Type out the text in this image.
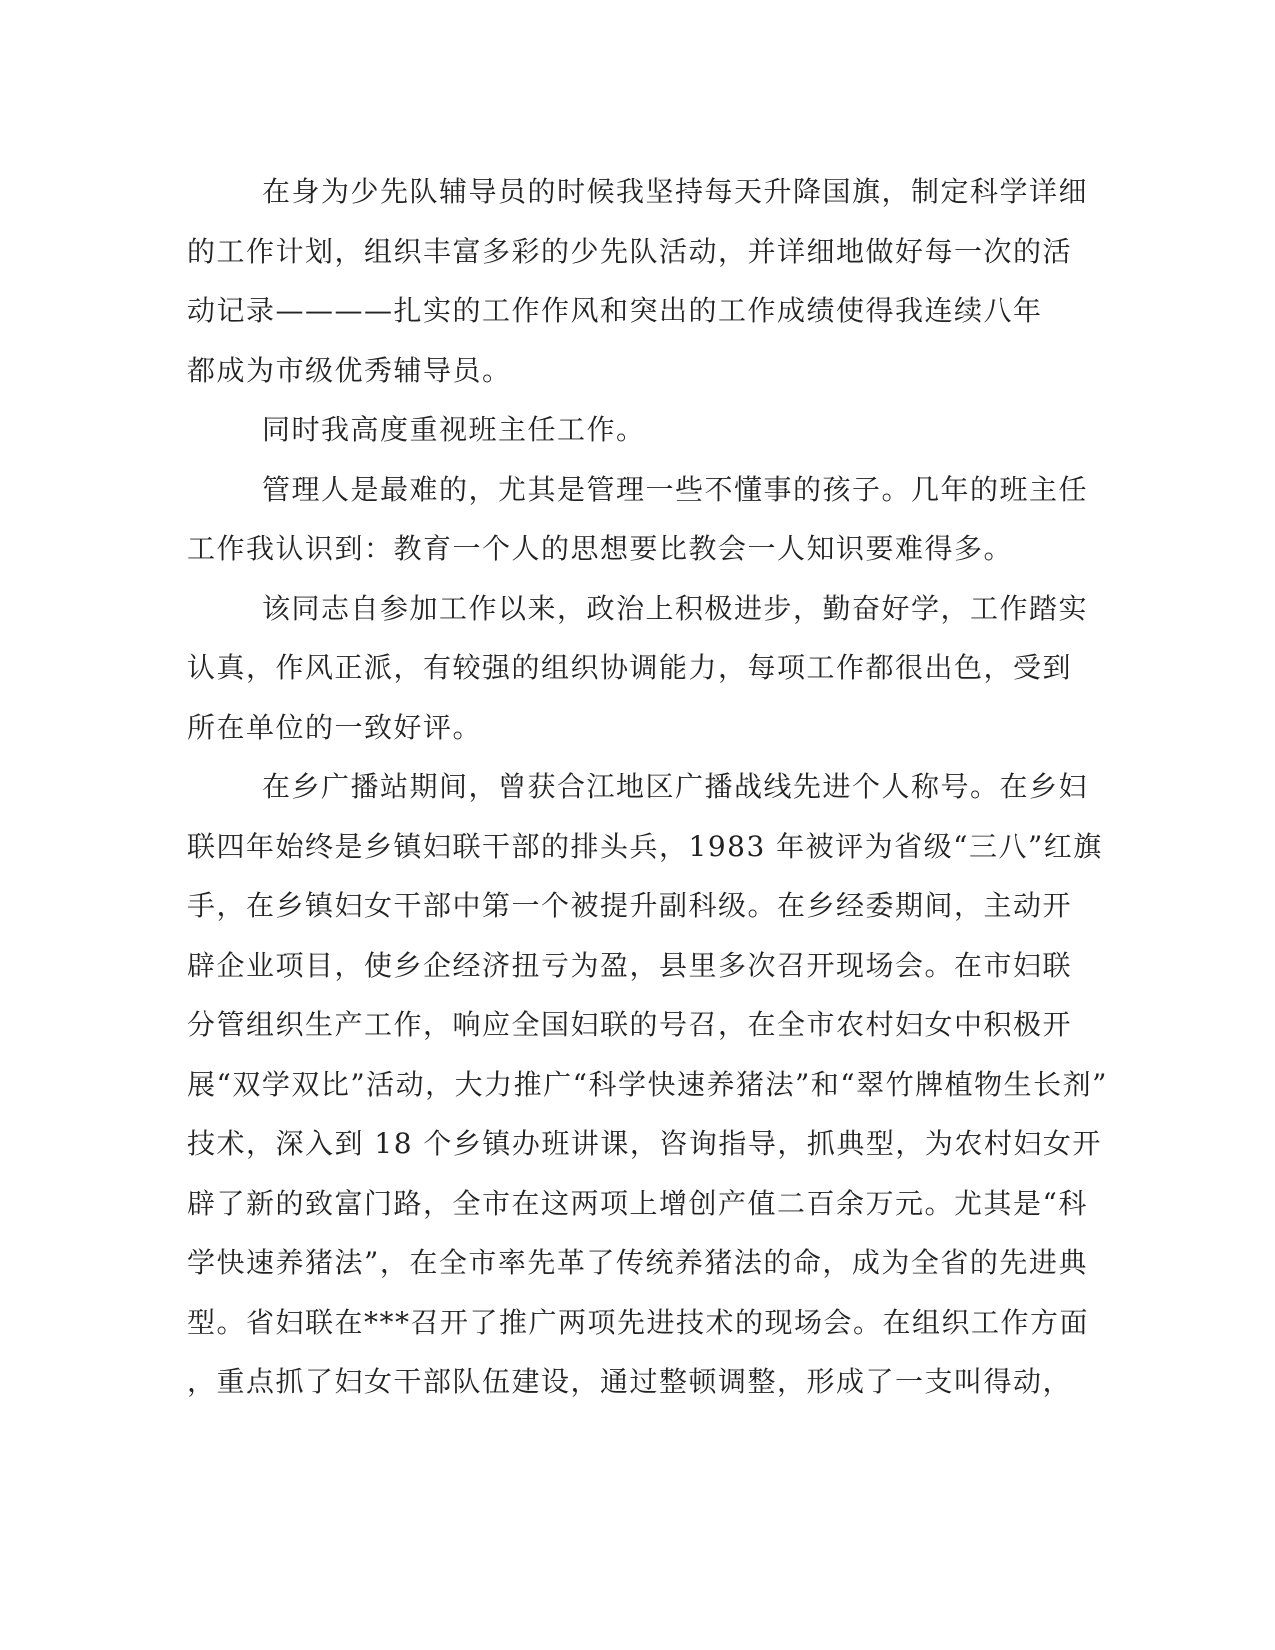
在身为少先队辅导员的时候我坚持每天升降国旗，制定科学详细
的工作计划，组织丰富多彩的少先队活动，并详细地做好每一次的活
动记录————扎实的工作作风和突出的工作成绩使得我连续八年
都成为市级优秀辅导员。
同时我高度重视班主任工作。
管理人是最难的，尤其是管理一些不懂事的孩子。几年的班主任
工作我认识到：教育一个人的思想要比教会一人知识要难得多。
该同志自参加工作以来，政治上积极进步，勤奋好学，工作踏实
认真，作风正派，有较强的组织协调能力，每项工作都很出色，受到
所在单位的一致好评。
在乡广播站期间，曾获合江地区广播战线先进个人称号。在乡妇
联四年始终是乡镇妇联干部的排头兵，1983 年被评为省级“三八”红旗
手，在乡镇妇女干部中第一个被提升副科级。在乡经委期间，主动开
辟企业项目，使乡企经济扭亏为盈，县里多次召开现场会。在市妇联
分管组织生产工作，响应全国妇联的号召，在全市农村妇女中积极开
展“双学双比”活动，大力推广“科学快速养猪法”和“翠竹牌植物生长剂”
技术，深入到 18 个乡镇办班讲课，咨询指导，抓典型，为农村妇女开
辟了新的致富门路，全市在这两项上增创产值二百余万元。尤其是“科
学快速养猪法”，在全市率先革了传统养猪法的命，成为全省的先进典
型。省妇联在***召开了推广两项先进技术的现场会。在组织工作方面
，重点抓了妇女干部队伍建设，通过整顿调整，形成了一支叫得动，
